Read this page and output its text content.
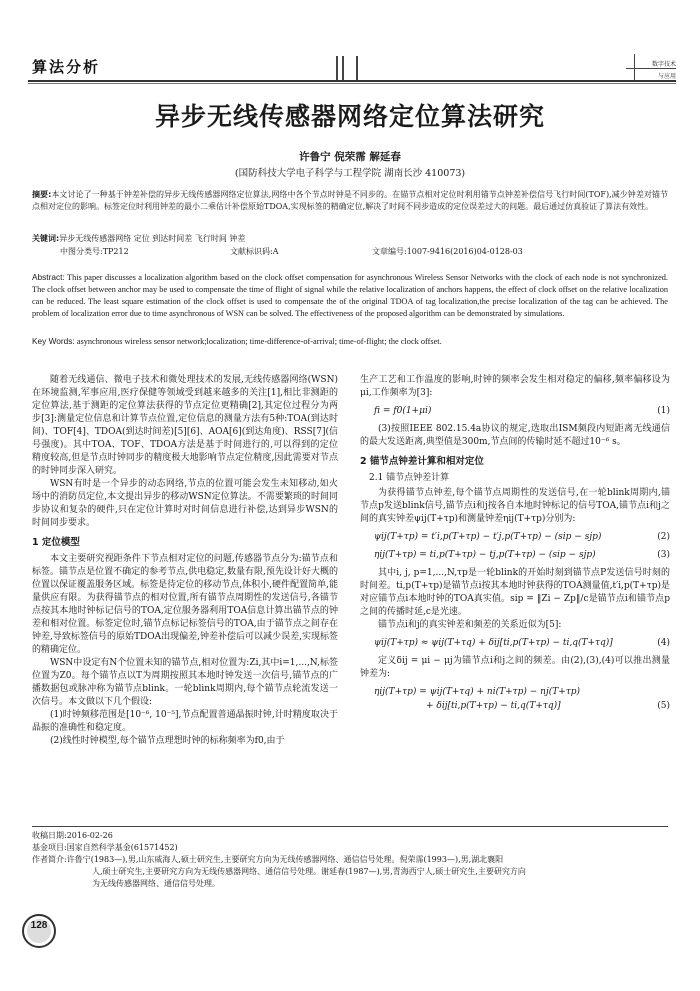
算法分析	数字技术
与应用
异步无线传感器网络定位算法研究
许鲁宁 倪荣霈 解延春
(国防科技大学电子科学与工程学院 湖南长沙 410073)
摘要:本文讨论了一种基于钟差补偿的异步无线传感器网络定位算法,网络中各个节点时钟是不同步的。在锚节点相对定位时利用锚节点钟差补偿信号飞行时间(TOF),减少钟差对锚节点相对定位的影响。标签定位时利用钟差的最小二乘估计补偿原始TDOA,实现标签的精确定位,解决了时间不同步造成的定位误差过大的问题。最后通过仿真验证了算法有效性。
关键词:异步无线传感器网络 定位 到达时间差 飞行时间 钟差
中图分类号:TP212	文献标识码:A	文章编号:1007-9416(2016)04-0128-03
Abstract: This paper discusses a localization algorithm based on the clock offset compensation for asynchronous Wireless Sensor Networks with the clock of each node is not synchronized. The clock offset between anchor may be used to compensate the time of flight of signal while the relative localization of anchors happens, the effect of clock offset on the relative localization can be reduced. The least square estimation of the clock offset is used to compensate the of the original TDOA of tag localization,the precise localization of the tag can be achieved. The problem of localization error due to time asynchronous of WSN can be solved. The effectiveness of the proposed algorithm can be demonstrated by simulations.
Key Words: asynchronous wireless sensor network;localization; time-difference-of-arrival; time-of-flight; the clock offset.

随着无线通信、微电子技术和微处理技术的发展,无线传感器网络(WSN)在环境监测,军事应用,医疗保健等领域受到越来越多的关注[1],相比非测距的定位算法,基于测距的定位算法获得的节点定位更精确[2],其定位过程分为两步[3]:测量定位信息和计算节点位置,定位信息的测量方法有5种:TOA(到达时间)、TOF[4]、TDOA(到达时间差)[5][6]、AOA[6](到达角度)、RSS[7](信号强度)。其中TOA、TOF、TDOA方法是基于时间进行的,可以得到的定位精度较高,但是节点时钟同步的精度极大地影响节点定位精度,因此需要对节点的时钟同步深入研究。

WSN有时是一个异步的动态网络,节点的位置可能会发生未知移动,如火场中的消防员定位,本文提出异步的移动WSN定位算法。不需要繁琐的时间同步协议和复杂的硬件,只在定位计算时对时间信息进行补偿,达到异步WSN的时间同步要求。

1 定位模型

本文主要研究视距条件下节点相对定位的问题,传感器节点分为:锚节点和标签。锚节点是位置不确定的参考节点,供电稳定,数量有限,预先设计好大概的位置以保证覆盖服务区域。标签是待定位的移动节点,体积小,硬件配置简单,能量供应有限。为获得锚节点的相对位置,所有锚节点周期性的发送信号,各锚节点按其本地时钟标记信号的TOA,定位服务器利用TOA信息计算出锚节点的钟差和相对位置。标签定位时,锚节点标记标签信号的TOA,由于锚节点之间存在钟差,导致标签信号的原始TDOA出现偏差,钟差补偿后可以减少误差,实现标签的精确定位。

WSN中设定有N个位置未知的锚节点,相对位置为:Zi,其中i=1,...,N,标签位置为Z0。每个锚节点以T为周期按照其本地时钟发送一次信号,锚节点的广播数据包或脉冲称为锚节点blink。一轮blink周期内,每个锚节点轮流发送一次信号。本文做以下几个假设:

(1)时钟频移范围是[10⁻⁶, 10⁻⁵],节点配置普通晶振时钟,计时精度取决于晶振的准确性和稳定度。

(2)线性时钟模型,每个锚节点理想时钟的标称频率为f0,由于

生产工艺和工作温度的影响,时钟的频率会发生相对稳定的偏移,频率偏移设为μi,工作频率为[3]:

fi = f0(1+μi)	(1)

(3)按照IEEE 802.15.4a协议的规定,选取出ISM频段内短距离无线通信的最大发送距离,典型值是300m,节点间的传输时延不超过10⁻⁶ s。

2 锚节点钟差计算和相对定位
2.1 锚节点钟差计算

为获得锚节点钟差,每个锚节点周期性的发送信号,在一轮blink周期内,锚节点p发送blink信号,锚节点i和j按各自本地时钟标记的信号TOA,锚节点i和j之间的真实钟差ψij(T+τp)和测量钟差ηij(T+τp)分别为:

ψij(T+τp) = t′i,p(T+τp) − t′j,p(T+τp) − (sip − sjp)	(2)
ηij(T+τp) = ti,p(T+τp) − tj,p(T+τp) − (sip − sjp)	(3)

其中i, j, p=1,...,N,τp是一轮blink的开始时刻到锚节点P发送信号时刻的时间差。ti,p(T+τp)是锚节点i按其本地时钟获得的TOA测量值,t′i,p(T+τp)是对应锚节点i本地时钟的TOA真实值。sip = ‖Zi − Zp‖/c是锚节点i和锚节点p之间的传播时延,c是光速。

锚节点i和j的真实钟差和频差的关系近似为[5]:

ψij(T+τp) ≈ ψij(T+τq) + δij[ti,p(T+τp) − ti,q(T+τq)]	(4)

定义δij = μi − μj为锚节点i和j之间的频差。由(2),(3),(4)可以推出测量钟差为:

ηij(T+τp) = ψij(T+τq) + ni(T+τp) − nj(T+τp)
+ δij[ti,p(T+τp) − ti,q(T+τq)]	(5)
收稿日期:2016-02-26
基金项目:国家自然科学基金(61571452)
作者简介:许鲁宁(1983—),男,山东威海人,硕士研究生,主要研究方向为无线传感器网络、通信信号处理。倪荣霈(1993—),男,湖北襄阳
人,硕士研究生,主要研究方向为无线传感器网络、通信信号处理。谢延春(1987—),男,青海西宁人,硕士研究生,主要研究方向
为无线传感器网络、通信信号处理。
128
